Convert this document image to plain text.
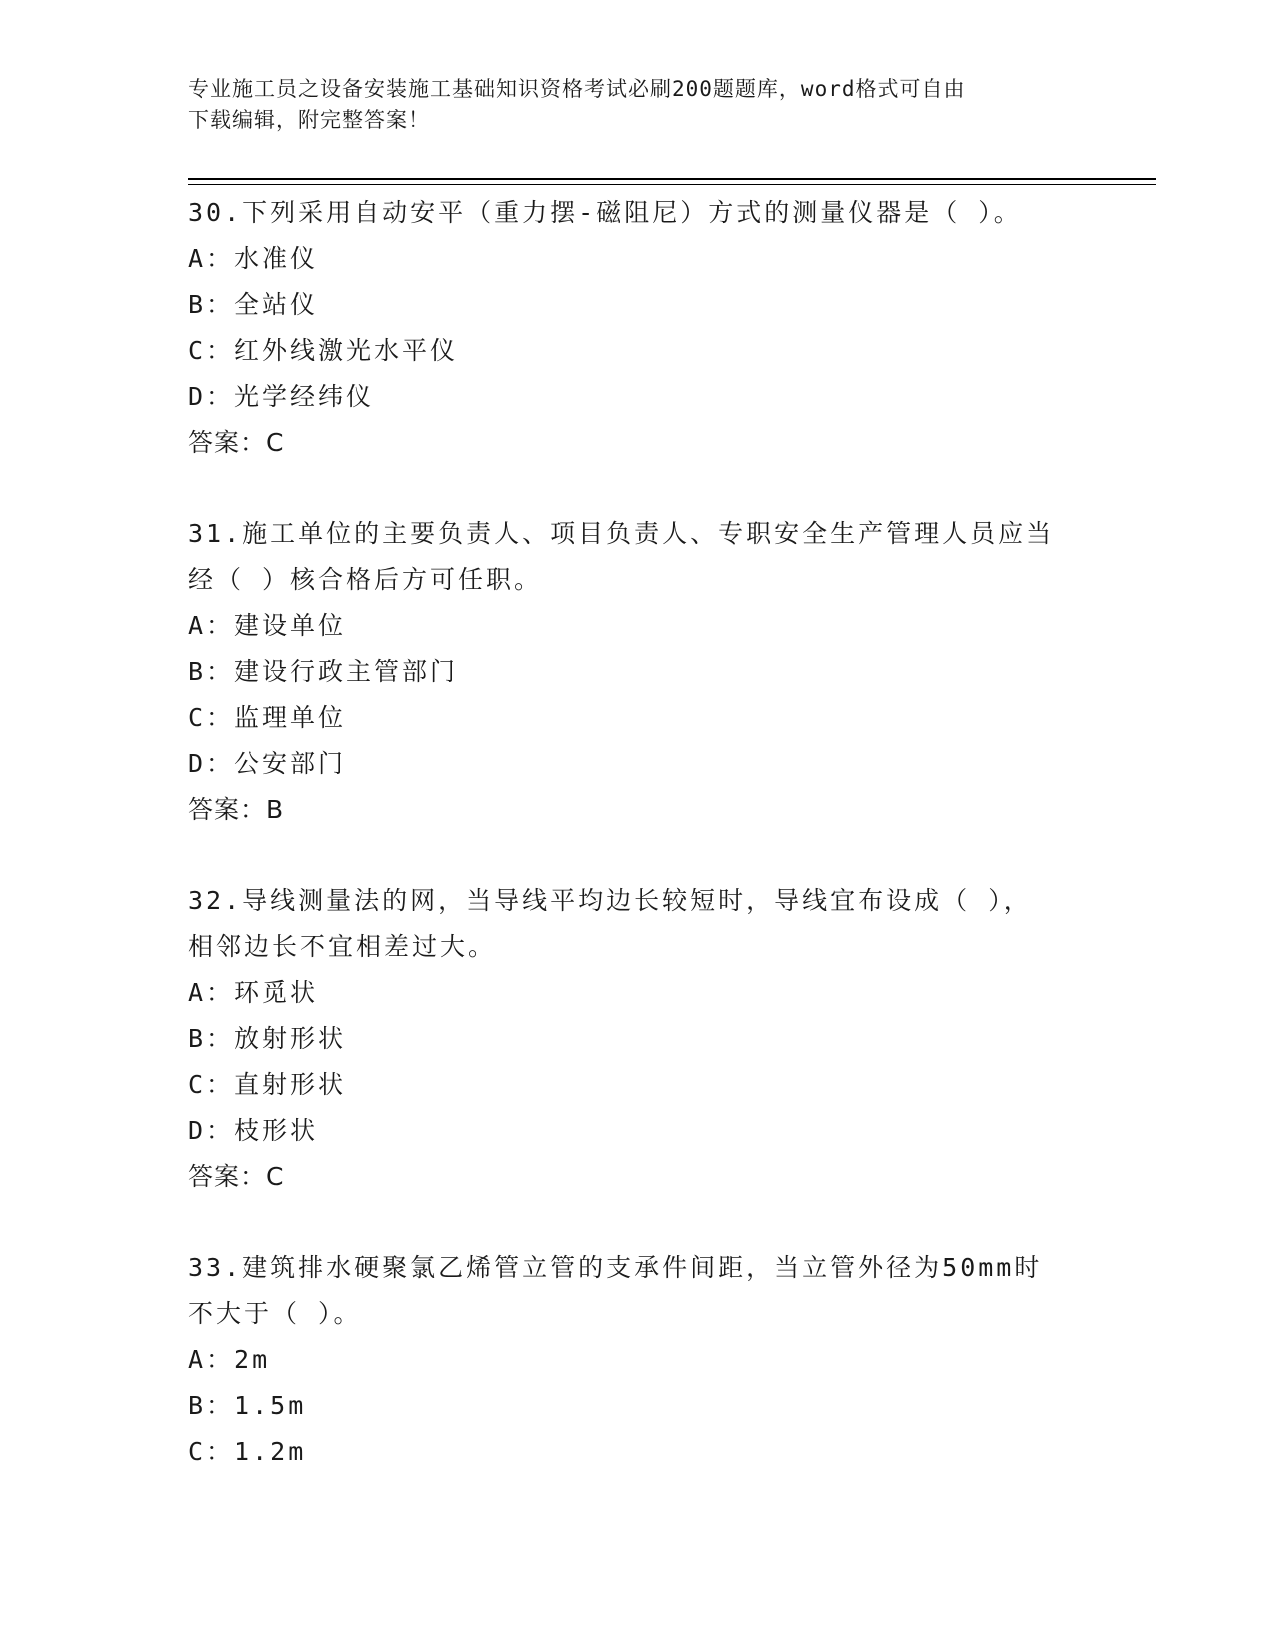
专业施工员之设备安装施工基础知识资格考试必刷200题题库，word格式可自由
下载编辑，附完整答案！

30.下列采用自动安平（重力摆-磁阻尼）方式的测量仪器是（ ）。

A：水准仪

B：全站仪

C：红外线激光水平仪

D：光学经纬仪

答案：C

31.施工单位的主要负责人、项目负责人、专职安全生产管理人员应当

经（ ）核合格后方可任职。

A：建设单位

B：建设行政主管部门

C：监理单位

D：公安部门

答案：B

32.导线测量法的网，当导线平均边长较短时，导线宜布设成（ ），

相邻边长不宜相差过大。

A：环觅状

B：放射形状

C：直射形状

D：枝形状

答案：C

33.建筑排水硬聚氯乙烯管立管的支承件间距，当立管外径为50mm时

不大于（ ）。

A：2m

B：1.5m

C：1.2m
